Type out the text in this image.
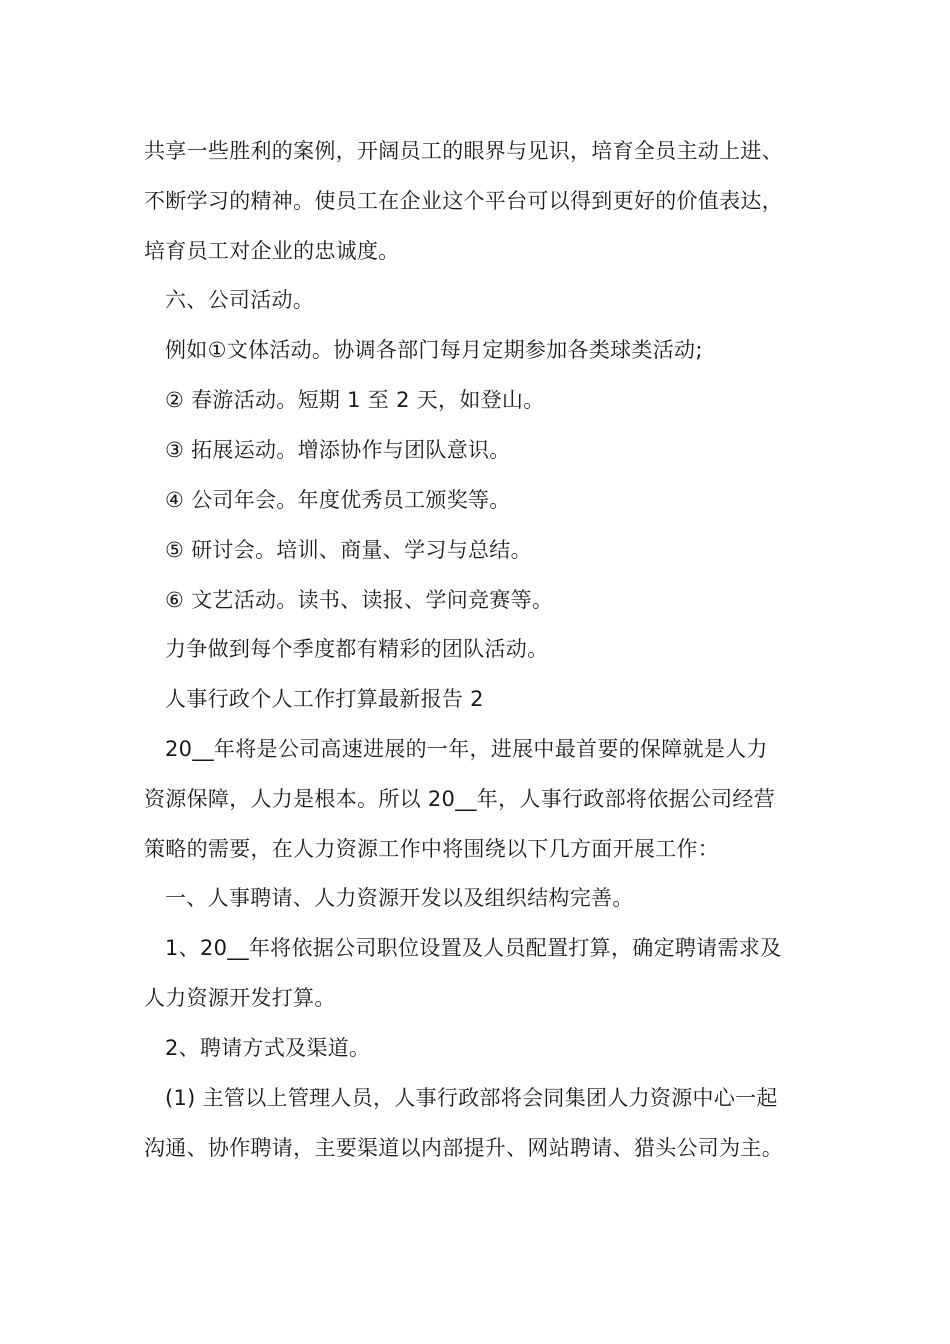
共享一些胜利的案例，开阔员工的眼界与见识，培育全员主动上进、
不断学习的精神。使员工在企业这个平台可以得到更好的价值表达，
培育员工对企业的忠诚度。
六、公司活动。
例如①文体活动。协调各部门每月定期参加各类球类活动;
② 春游活动。短期 1 至 2 天，如登山。
③ 拓展运动。增添协作与团队意识。
④ 公司年会。年度优秀员工颁奖等。
⑤ 研讨会。培训、商量、学习与总结。
⑥ 文艺活动。读书、读报、学问竞赛等。
力争做到每个季度都有精彩的团队活动。
人事行政个人工作打算最新报告 2
20__年将是公司高速进展的一年，进展中最首要的保障就是人力
资源保障，人力是根本。所以 20__年，人事行政部将依据公司经营
策略的需要，在人力资源工作中将围绕以下几方面开展工作：
一、人事聘请、人力资源开发以及组织结构完善。
1、20__年将依据公司职位设置及人员配置打算，确定聘请需求及
人力资源开发打算。
2、聘请方式及渠道。
(1) 主管以上管理人员，人事行政部将会同集团人力资源中心一起
沟通、协作聘请，主要渠道以内部提升、网站聘请、猎头公司为主。
